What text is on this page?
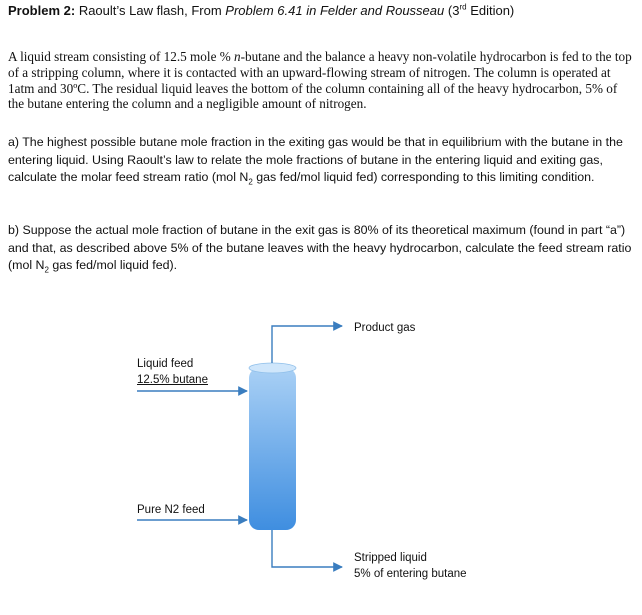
Problem 2: Raoult’s Law flash, From Problem 6.41 in Felder and Rousseau (3rd Edition)
A liquid stream consisting of 12.5 mole % n-butane and the balance a heavy non-volatile hydrocarbon is fed to the top of a stripping column, where it is contacted with an upward-flowing stream of nitrogen. The column is operated at 1atm and 30ºC. The residual liquid leaves the bottom of the column containing all of the heavy hydrocarbon, 5% of the butane entering the column and a negligible amount of nitrogen.
a) The highest possible butane mole fraction in the exiting gas would be that in equilibrium with the butane in the entering liquid. Using Raoult’s law to relate the mole fractions of butane in the entering liquid and exiting gas, calculate the molar feed stream ratio (mol $N_2$ gas fed/mol liquid fed) corresponding to this limiting condition.
b) Suppose the actual mole fraction of butane in the exit gas is 80% of its theoretical maximum (found in part “a”) and that, as described above 5% of the butane leaves with the heavy hydrocarbon, calculate the feed stream ratio (mol $N_2$ gas fed/mol liquid fed).
Product gas
Liquid feed
12.5% butane
Pure N2 feed
Stripped liquid
5% of entering butane
